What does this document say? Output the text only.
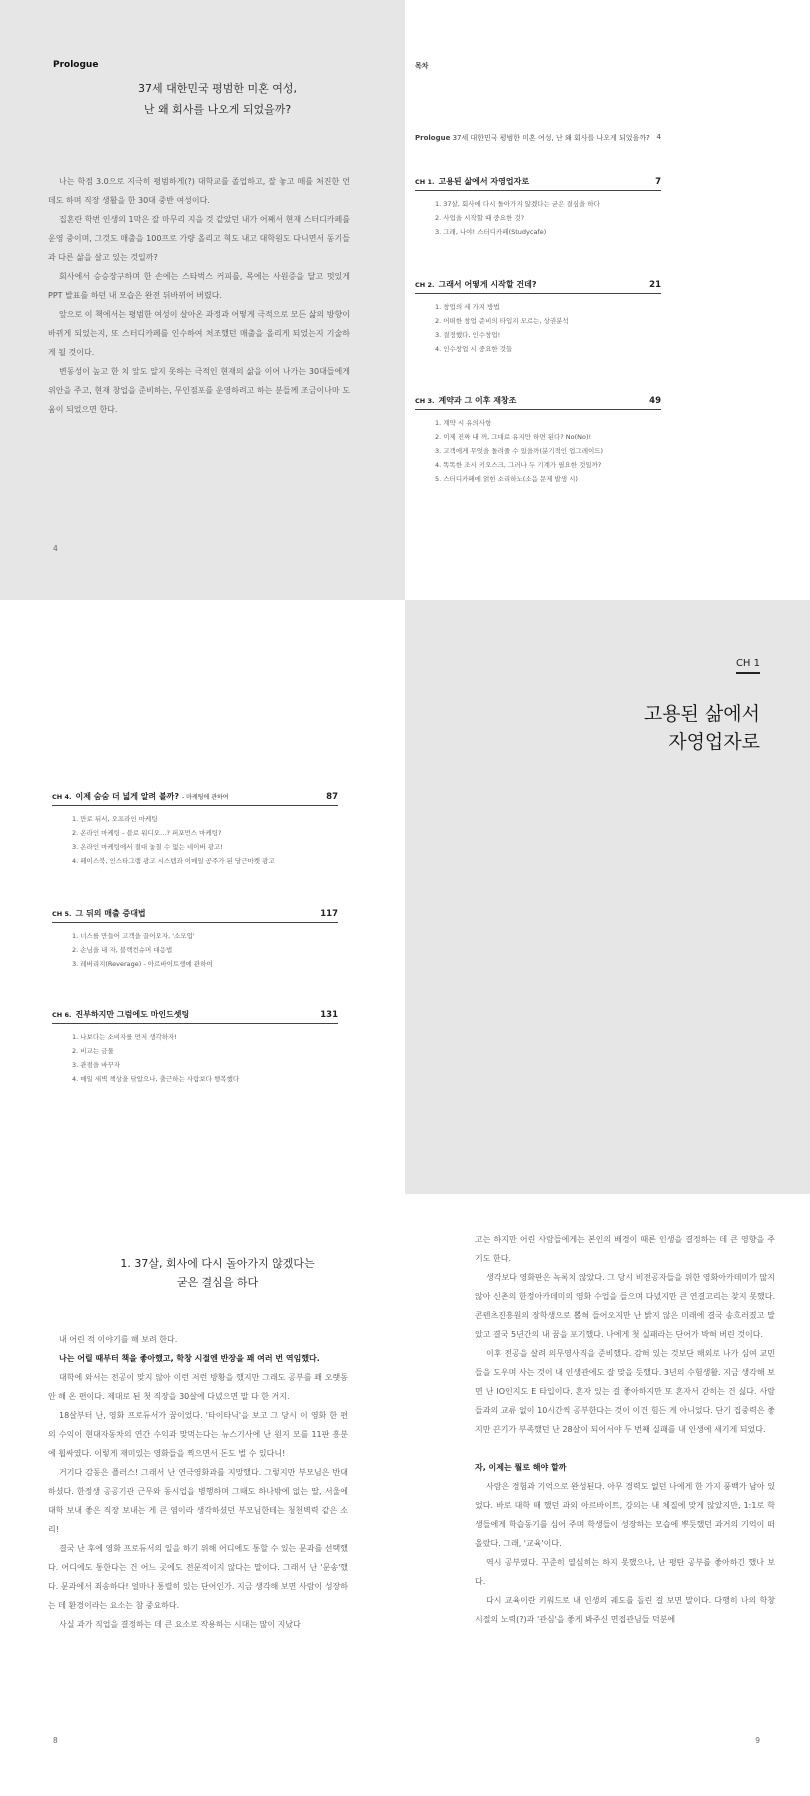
Prologue
37세 대한민국 평범한 미혼 여성,
난 왜 회사를 나오게 되었을까?

나는 학점 3.0으로 지극히 평범하게(?) 대학교를 졸업하고, 잘 놓고 떼를 쳐진한 언데도 하며 직장 생활을 한 30대 중반 여성이다.

집혼란 학번 인생의 1막은 잘 마무리 지을 것 같았던 내가 어째서 현재 스터디카페를 운영 중이며, 그것도 매출을 100프로 가량 올리고 혁도 내고 대학원도 다니면서 동기들과 다른 삶을 살고 있는 것일까?

회사에서 승승장구하며 한 손에는 스타벅스 커피를, 목에는 사원증을 달고 멋있게 PPT 발표를 하던 내 모습은 완전 뒤바뀌어 버렸다.

앞으로 이 책에서는 평범한 여성이 살아온 과정과 어떻게 극적으로 모든 삶의 방향이 바뀌게 되었는지, 또 스터디카페를 인수하여 처조했던 매출을 올리게 되었는지 기술하게 될 것이다.

변동성이 높고 한 치 앞도 알지 못하는 극적인 현재의 삶을 이어 나가는 30대들에게 위안을 주고, 현재 창업을 준비하는, 무인점포를 운영하려고 하는 분들께 조금이나마 도움이 되었으면 한다.

4
목차
Prologue 37세 대한민국 평범한 미혼 여성, 난 왜 회사를 나오게 되었을까? 4
CH 1. 고용된 삶에서 자영업자로	7
1. 37살, 회사에 다시 돌아가지 않겠다는 굳은 결심을 하다
2. 사업을 시작할 때 중요한 것?
3. 그래, 나야! 스터디카페(Studycafe)
CH 2. 그래서 어떻게 시작할 건데?	21
1. 창업의 세 가지 방법
2. 어떠한 창업 준비의 타입지 모르는, 상권분석
3. 결정했다, 인수창업!
4. 인수창업 시 중요한 것들
CH 3. 계약과 그 이후 재창조	49
1. 계약 시 유의사항
2. 이제 진짜 내 꺼, 그대로 유지만 하면 된다? No(No)!
3. 고객에게 무엇을 돌려줄 수 있을까(분기적인 업그레이드)
4. 똑똑한 조시 키오스크, 그러나 두 기계가 필요한 것일까?
5. 스터디카페에 얽힌 소리하노(소음 문제 발생 시)
CH 4. 이제 숨숨 더 넓게 알려 볼까? - 마케팅에 관하여	87
1. 만로 뒤서, 오프라인 마케팅
2. 온라인 마케팅 - 블로 워디오…? 퍼포먼스 마케팅?
3. 온라인 마케팅에서 절대 놓칠 수 없는 네이버 광고!
4. 페이스북, 인스타그램 광고 시스템과 이메일 공주가 된 당근마켓 광고
CH 5. 그 뒤의 매출 증대법	117
1. 너스를 만들어 고객을 끌어오자, '소모업'
2. 손님을 내 자, 블랙컨슈머 대응법
3. 레버리지(Reverage) - 아르바이트생에 관하여
CH 6. 진부하지만 그럼에도 마인드셋팅	131
1. 나보다는 소비자를 먼저 생각하자!
2. 비교는 금물
3. 관점을 바꾸자
4. 매일 새벽 책상을 닦았으나, 출근하는 사람보다 행복했다
CH 1
고용된 삶에서
자영업자로
1. 37살, 회사에 다시 돌아가지 않겠다는
굳은 결심을 하다

내 어린 적 이야기를 해 보려 한다.

나는 어릴 때부터 책을 좋아했고, 학창 시절엔 반장을 꽤 여러 번 역임했다.

대학에 와서는 전공이 맞지 않아 이런 저런 방황을 했지만 그래도 공부를 꽤 오랫동안 해 온 편이다. 제대로 된 첫 직장을 30살에 다녔으면 말 다 한 거지.

18살부터 난, 영화 프로듀서가 꿈이었다. '타이타닉'을 보고 그 당시 이 영화 한 편의 수익이 현대자동차의 연간 수익과 맞먹는다는 뉴스기사에 난 원지 모를 11판 흥분에 휩싸였다. 이렇게 재미있는 영화들을 찍으면서 돈도 벌 수 있다니!

거기다 감동은 플러스! 그래서 난 연극영화과를 지망했다. 그렇지만 부모님은 반대하셨다. 한정생 공공기관 근무와 동시업을 병행하며 그때도 하나밖에 없는 딸, 서울에 대학 보내 좋은 직장 보내는 게 큰 염이라 생각하셨던 부모님한테는 청천벽력 같은 소리!

결국 난 후에 영화 프로듀서의 일을 하기 위해 어디에도 통할 수 있는 문과를 선택했다. 어디에도 통한다는 건 어느 곳에도 전문적이지 않다는 말이다. 그래서 난 '문송'했다. 문과에서 죄송하다! 얼마나 통렬히 있는 단어인가. 지금 생각해 보면 사람이 성장하는 데 환경이라는 요소는 참 중요하다.

사실 과가 직업을 결정하는 데 큰 요소로 작용하는 시대는 많이 지났다

8

고는 하지만 어린 사람들에게는 본인의 배경이 때론 인생을 결정하는 데 큰 영향을 주기도 한다.

생각보다 영화판은 녹록치 않았다. 그 당시 비전공자들을 위한 영화아카데미가 많지 않아 신촌의 한정아카데미의 영화 수업을 들으며 다녔지만 큰 연결고리는 찾지 못했다. 콘텐츠진흥원의 장학생으로 뽑혀 들어오지만 난 밝지 않은 미래에 결국 송흐러졌고 말았고 결국 5년간의 내 꿈을 포기했다. 나에게 첫 실패라는 단어가 박혀 버린 것이다.

이후 전공을 살려 의무영사직을 준비했다. 감혀 있는 것보단 해외로 나가 심여 교민들을 도우며 사는 것이 내 인생관에도 잘 맞을 듯했다. 3년의 수험생활. 지금 생각해 보면 난 IO인지도 E 타입이다. 혼자 있는 걸 좋아하지만 또 혼자서 갇히는 건 싫다. 사람들과의 교류 없이 10시간씩 공부한다는 것이 이건 힘든 게 아니었다. 단기 집중력은 좋지만 끈기가 부족했던 난 28살이 되어서야 두 번째 실패를 내 인생에 새기게 되었다.

자, 이제는 뭘로 해야 할까

사람은 경험과 기억으로 완성된다. 아무 경력도 없던 나에게 한 가지 풍백가 남아 있었다. 바로 대학 때 했던 과외 아르바이트, 강의는 내 체질에 맞게 않았지만, 1:1로 학생들에게 학습동기를 심어 주며 학생들이 성장하는 모습에 뿌듯했던 과거의 기억이 떠올랐다. 그래, '교육'이다.

역시 공부였다. 꾸준히 열심히는 하지 못했으나, 난 평탄 공부를 좋아하긴 했나 보다.

다시 교육이란 키워드로 내 인생의 궤도를 돌린 걸 보면 말이다. 다행히 나의 학창 시절의 노력(?)과 '관심'을 좋게 봐주신 면접관님들 덕분에

9
